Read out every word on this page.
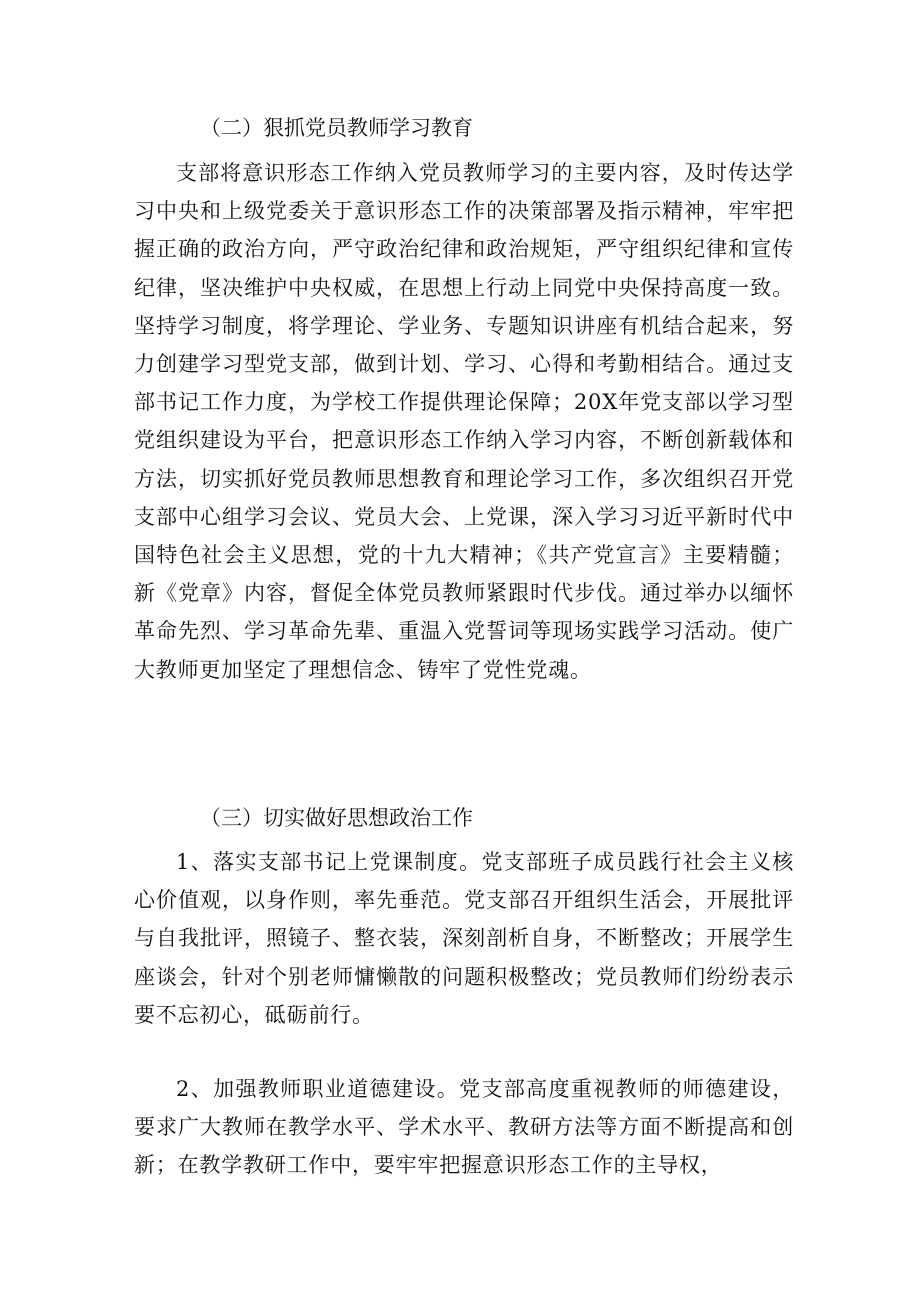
（二）狠抓党员教师学习教育

支部将意识形态工作纳入党员教师学习的主要内容，及时传达学习中央和上级党委关于意识形态工作的决策部署及指示精神，牢牢把握正确的政治方向，严守政治纪律和政治规矩，严守组织纪律和宣传纪律，坚决维护中央权威，在思想上行动上同党中央保持高度一致。坚持学习制度，将学理论、学业务、专题知识讲座有机结合起来，努力创建学习型党支部，做到计划、学习、心得和考勤相结合。通过支部书记工作力度，为学校工作提供理论保障；20X年党支部以学习型党组织建设为平台，把意识形态工作纳入学习内容，不断创新载体和方法，切实抓好党员教师思想教育和理论学习工作，多次组织召开党支部中心组学习会议、党员大会、上党课，深入学习习近平新时代中国特色社会主义思想，党的十九大精神；《共产党宣言》主要精髓；新《党章》内容，督促全体党员教师紧跟时代步伐。通过举办以缅怀革命先烈、学习革命先辈、重温入党誓词等现场实践学习活动。使广大教师更加坚定了理想信念、铸牢了党性党魂。

（三）切实做好思想政治工作

1、落实支部书记上党课制度。党支部班子成员践行社会主义核心价值观，以身作则，率先垂范。党支部召开组织生活会，开展批评与自我批评，照镜子、整衣装，深刻剖析自身，不断整改；开展学生座谈会，针对个别老师慵懒散的问题积极整改；党员教师们纷纷表示要不忘初心，砥砺前行。

2、加强教师职业道德建设。党支部高度重视教师的师德建设，要求广大教师在教学水平、学术水平、教研方法等方面不断提高和创新；在教学教研工作中，要牢牢把握意识形态工作的主导权，
